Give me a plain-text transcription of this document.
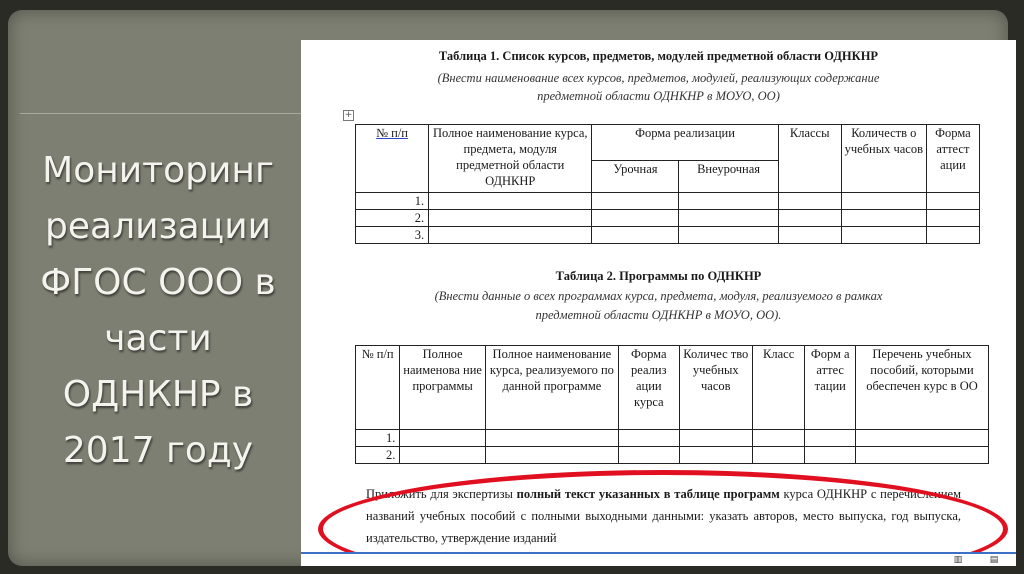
Мониторинг
реализации
ФГОС ООО в
части
ОДНКНР в
2017 году
Таблица 1. Список курсов, предметов, модулей предметной области ОДНКНР
(Внести наименование всех курсов, предметов, модулей, реализующих содержание
предметной области ОДНКНР в МОУО, ОО)
+
№ п/п	Полное наименование курса, предмета, модуля предметной области ОДНКНР	Форма реализации		Классы	Количеств о учебных часов	Форма аттест ации
		Урочная	Внеурочная			
1.						
2.						
3.						
Таблица 2. Программы по ОДНКНР
(Внести данные о всех программах курса, предмета, модуля, реализуемого в рамках
предметной области ОДНКНР в МОУО, ОО).
№ п/п	Полное наименова ние программы	Полное наименование курса, реализуемого по данной программе	Форма реализ ации курса	Количес тво учебных часов	Класс	Форм а аттес тации	Перечень учебных пособий, которыми обеспечен курс в ОО
1.							
2.							
Приложить для экспертизы полный текст указанных в таблице программ курса ОДНКНР с перечислением названий учебных пособий с полными выходными данными: указать авторов, место выпуска, год выпуска, издательство, утверждение изданий
▥	▤
